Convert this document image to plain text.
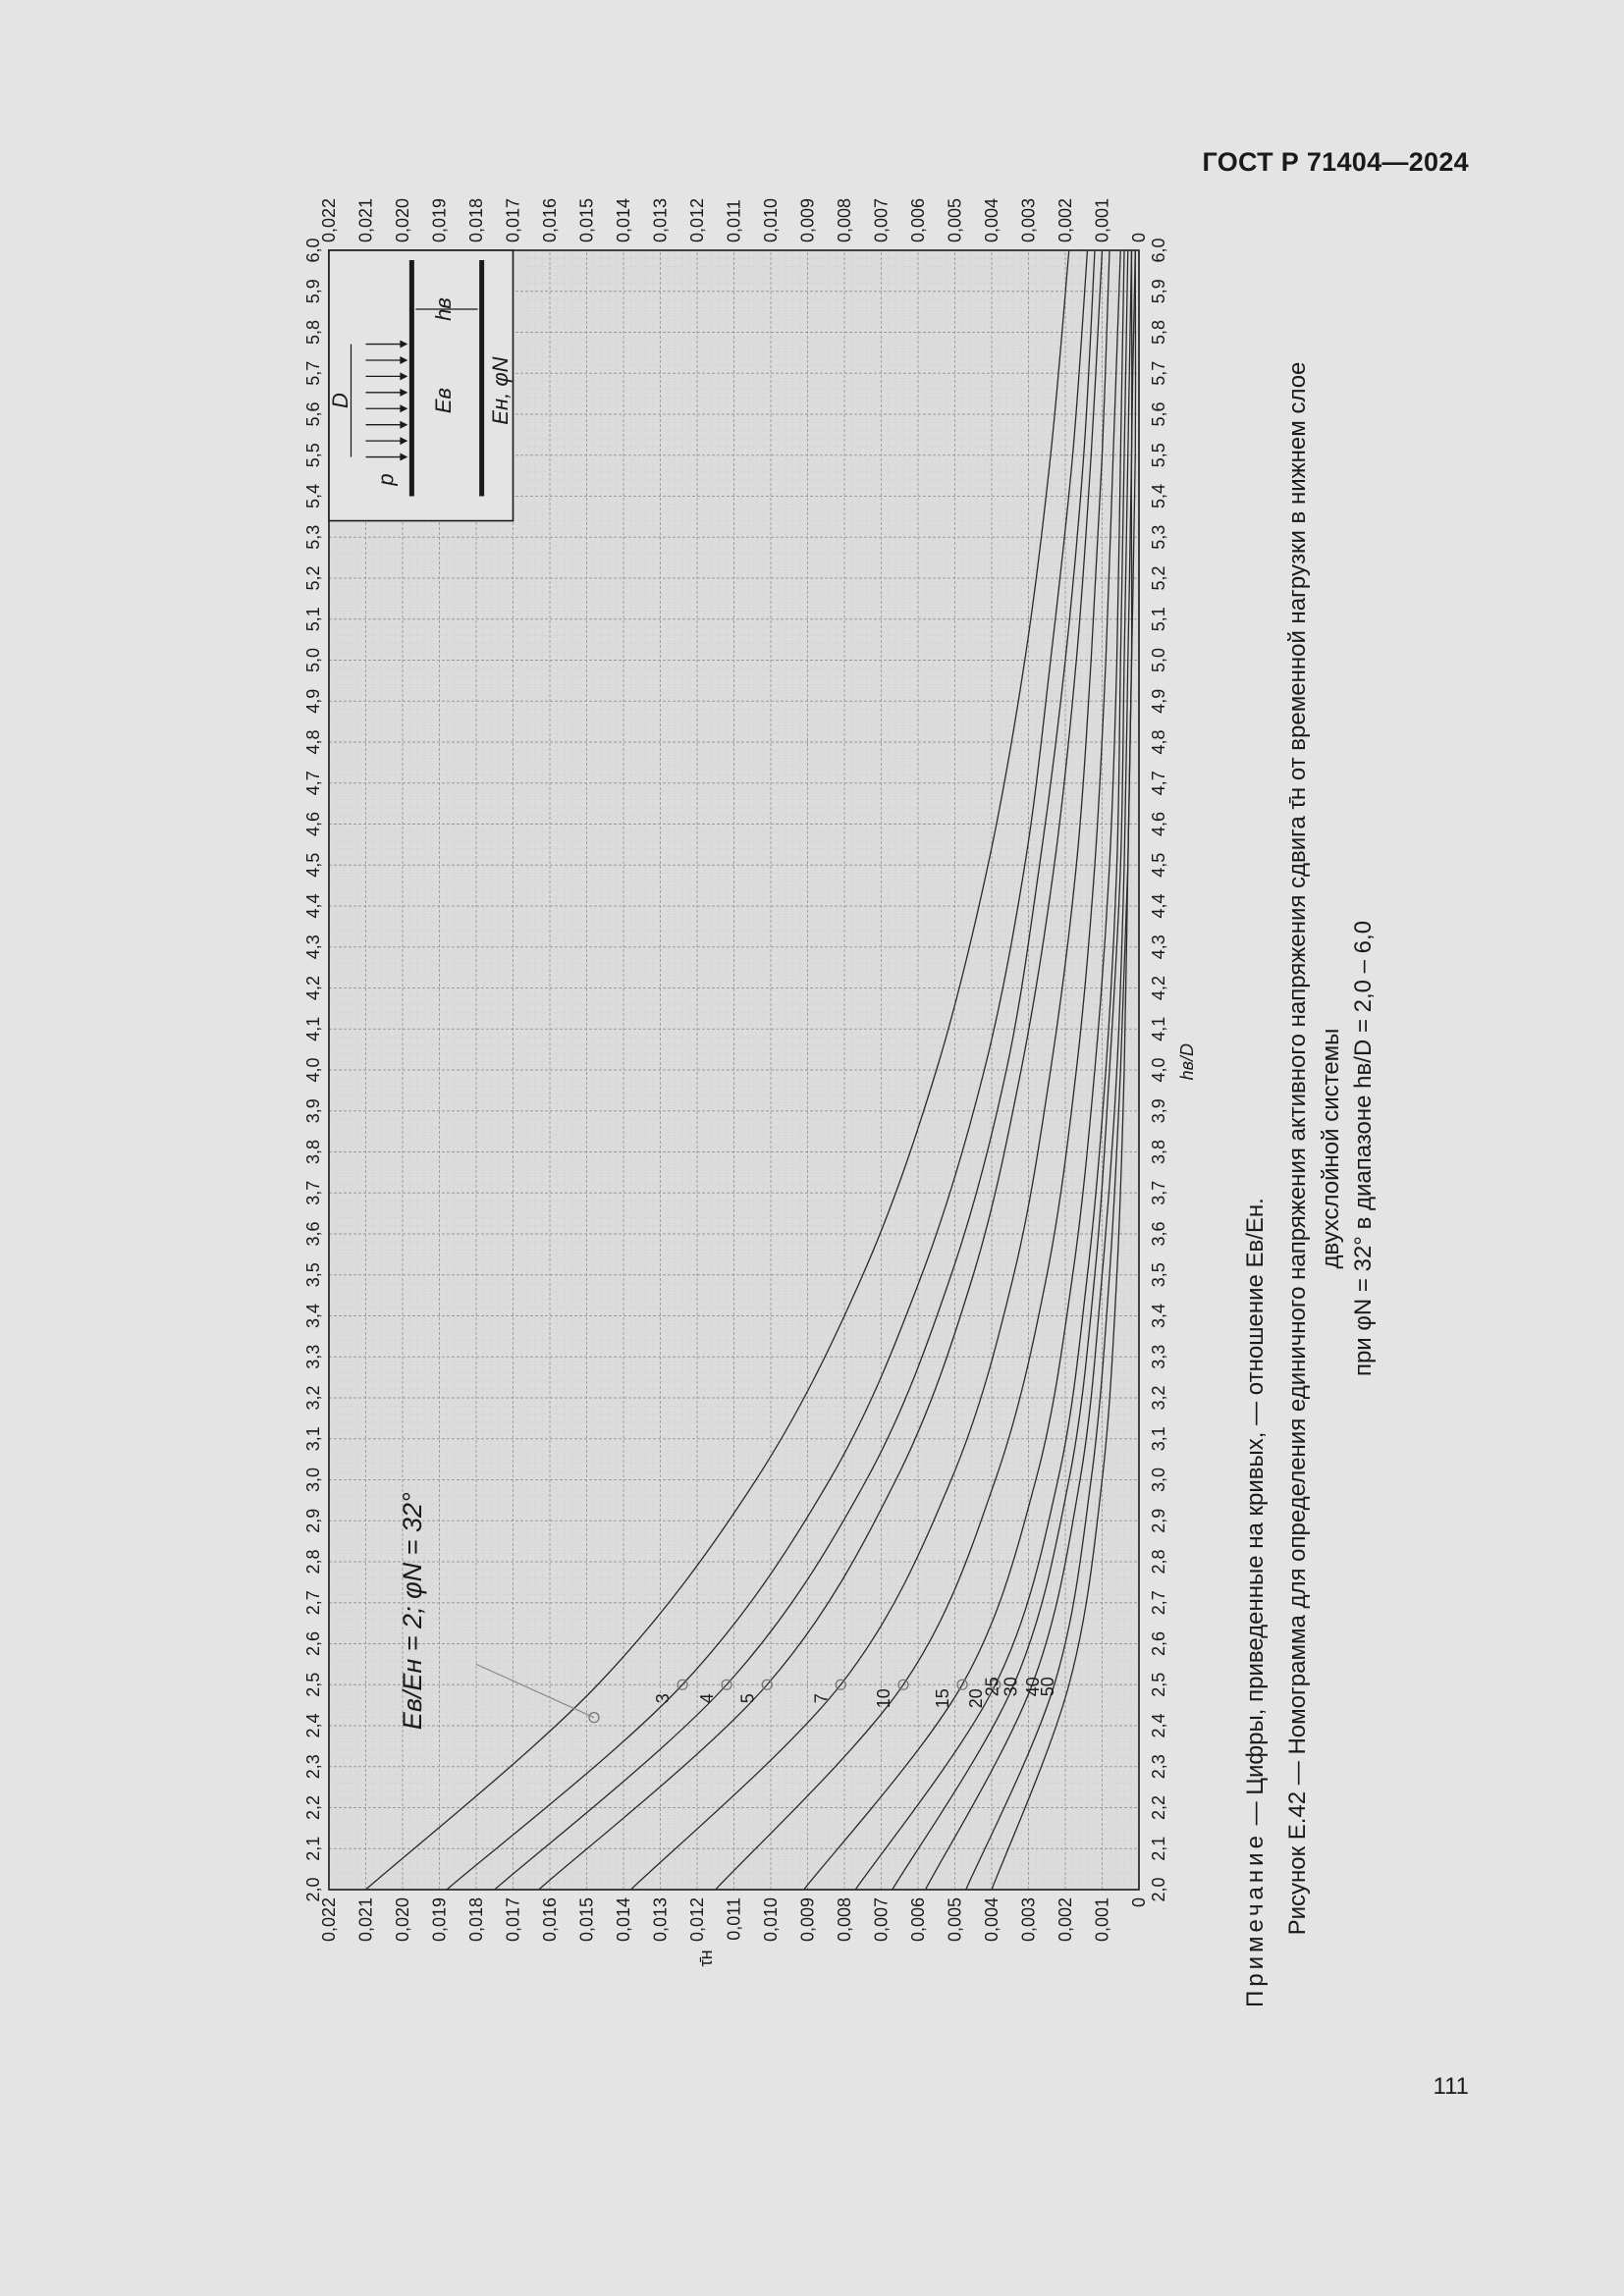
ГОСТ Р 71404—2024
2,0
2,0
2,1
2,1
2,2
2,2
2,3
2,3
2,4
2,4
2,5
2,5
2,6
2,6
2,7
2,7
2,8
2,8
2,9
2,9
3,0
3,0
3,1
3,1
3,2
3,2
3,3
3,3
3,4
3,4
3,5
3,5
3,6
3,6
3,7
3,7
3,8
3,8
3,9
3,9
4,0
4,0
4,1
4,1
4,2
4,2
4,3
4,3
4,4
4,4
4,5
4,5
4,6
4,6
4,7
4,7
4,8
4,8
4,9
4,9
5,0
5,0
5,1
5,1
5,2
5,2
5,3
5,3
5,4
5,4
5,5
5,5
5,6
5,6
5,7
5,7
5,8
5,8
5,9
5,9
6,0
6,0
0
0
0,001
0,001
0,002
0,002
0,003
0,003
0,004
0,004
0,005
0,005
0,006
0,006
0,007
0,007
0,008
0,008
0,009
0,009
0,010
0,010
0,011
0,011
0,012
0,012
0,013
0,013
0,014
0,014
0,015
0,015
0,016
0,016
0,017
0,017
0,018
0,018
0,019
0,019
0,020
0,020
0,021
0,021
0,022
0,022
τ̄н
hв/D
3 4 5	7 10 15 20
25
30 40
50
Eв/Eн = 2; φN = 32°
p
D	Eв
hв
Eн, φN
Примечание — Цифры, приведенные на кривых, — отношение Eв/Eн. Рисунок Е.42 — Номограмма для определения единичного напряжения активного напряжения сдвига τ̄н от временной нагрузки в нижнем слое двухслойной системы при φN = 32° в диапазоне hв/D = 2,0 – 6,0
111
